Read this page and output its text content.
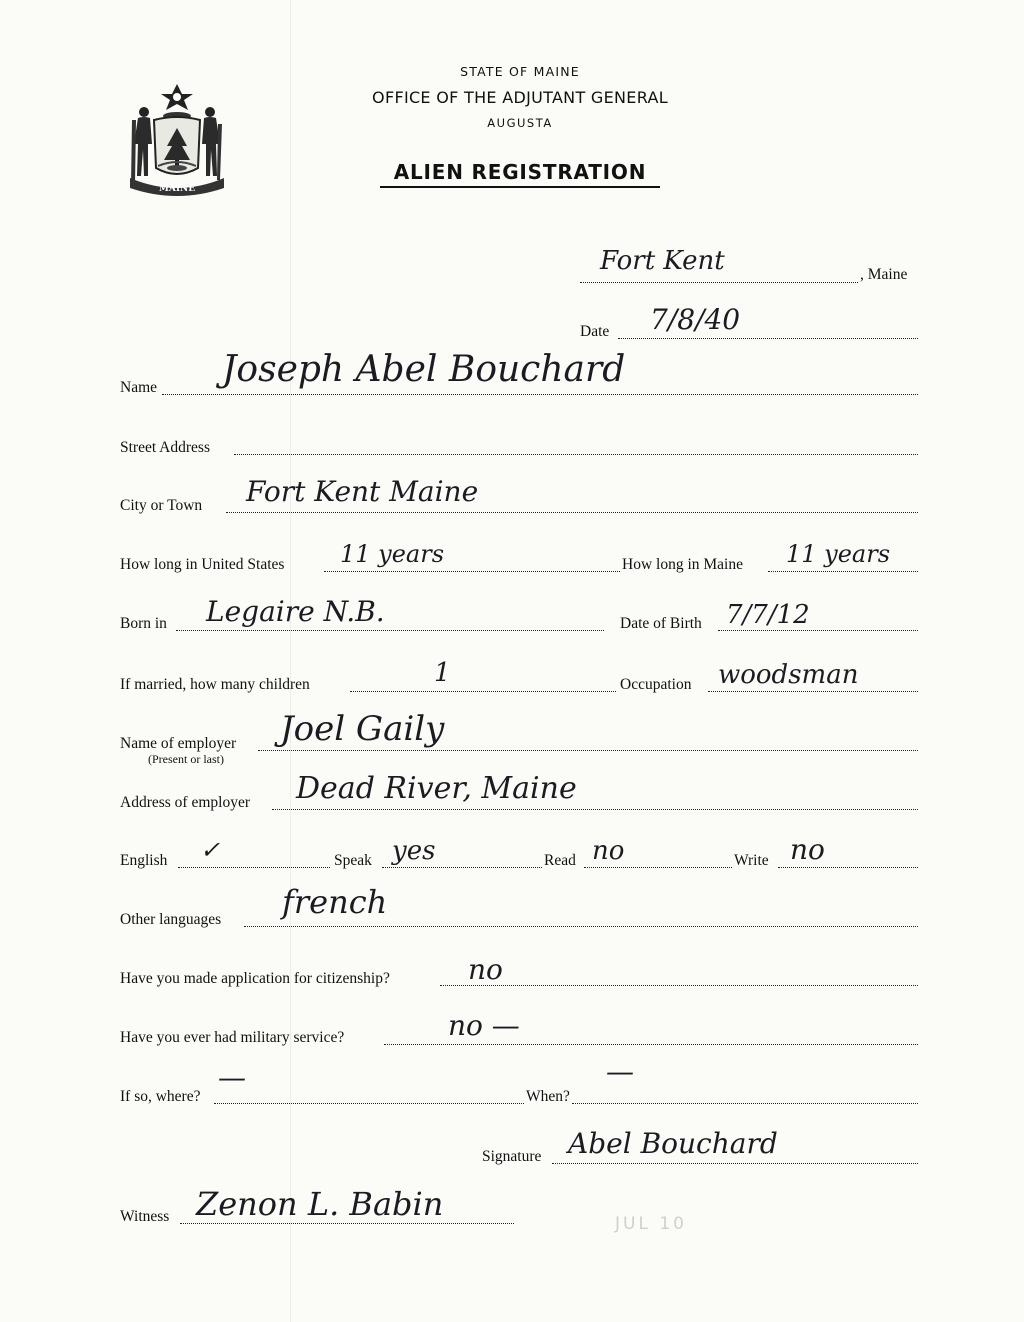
MAINE
STATE OF MAINE
OFFICE OF THE ADJUTANT GENERAL
AUGUSTA
ALIEN REGISTRATION
Fort Kent	, Maine
Date 7/8/40
Name Joseph Abel Bouchard
Street Address
City or Town Fort Kent Maine
How long in United States 11 years	How long in Maine 11 years
Born in Legaire N.B.	Date of Birth 7/7/12
If married, how many children	1	Occupation woodsman
Name of employer
(Present or last)
Joel Gaily
Address of employer Dead River, Maine
English ✓	Speak yes	Read no	Write no
Other languages french
Have you made application for citizenship?	no
Have you ever had military service?	no —
If so, where?
—
When?
—
Signature Abel Bouchard
Witness Zenon L. Babin
JUL 10
